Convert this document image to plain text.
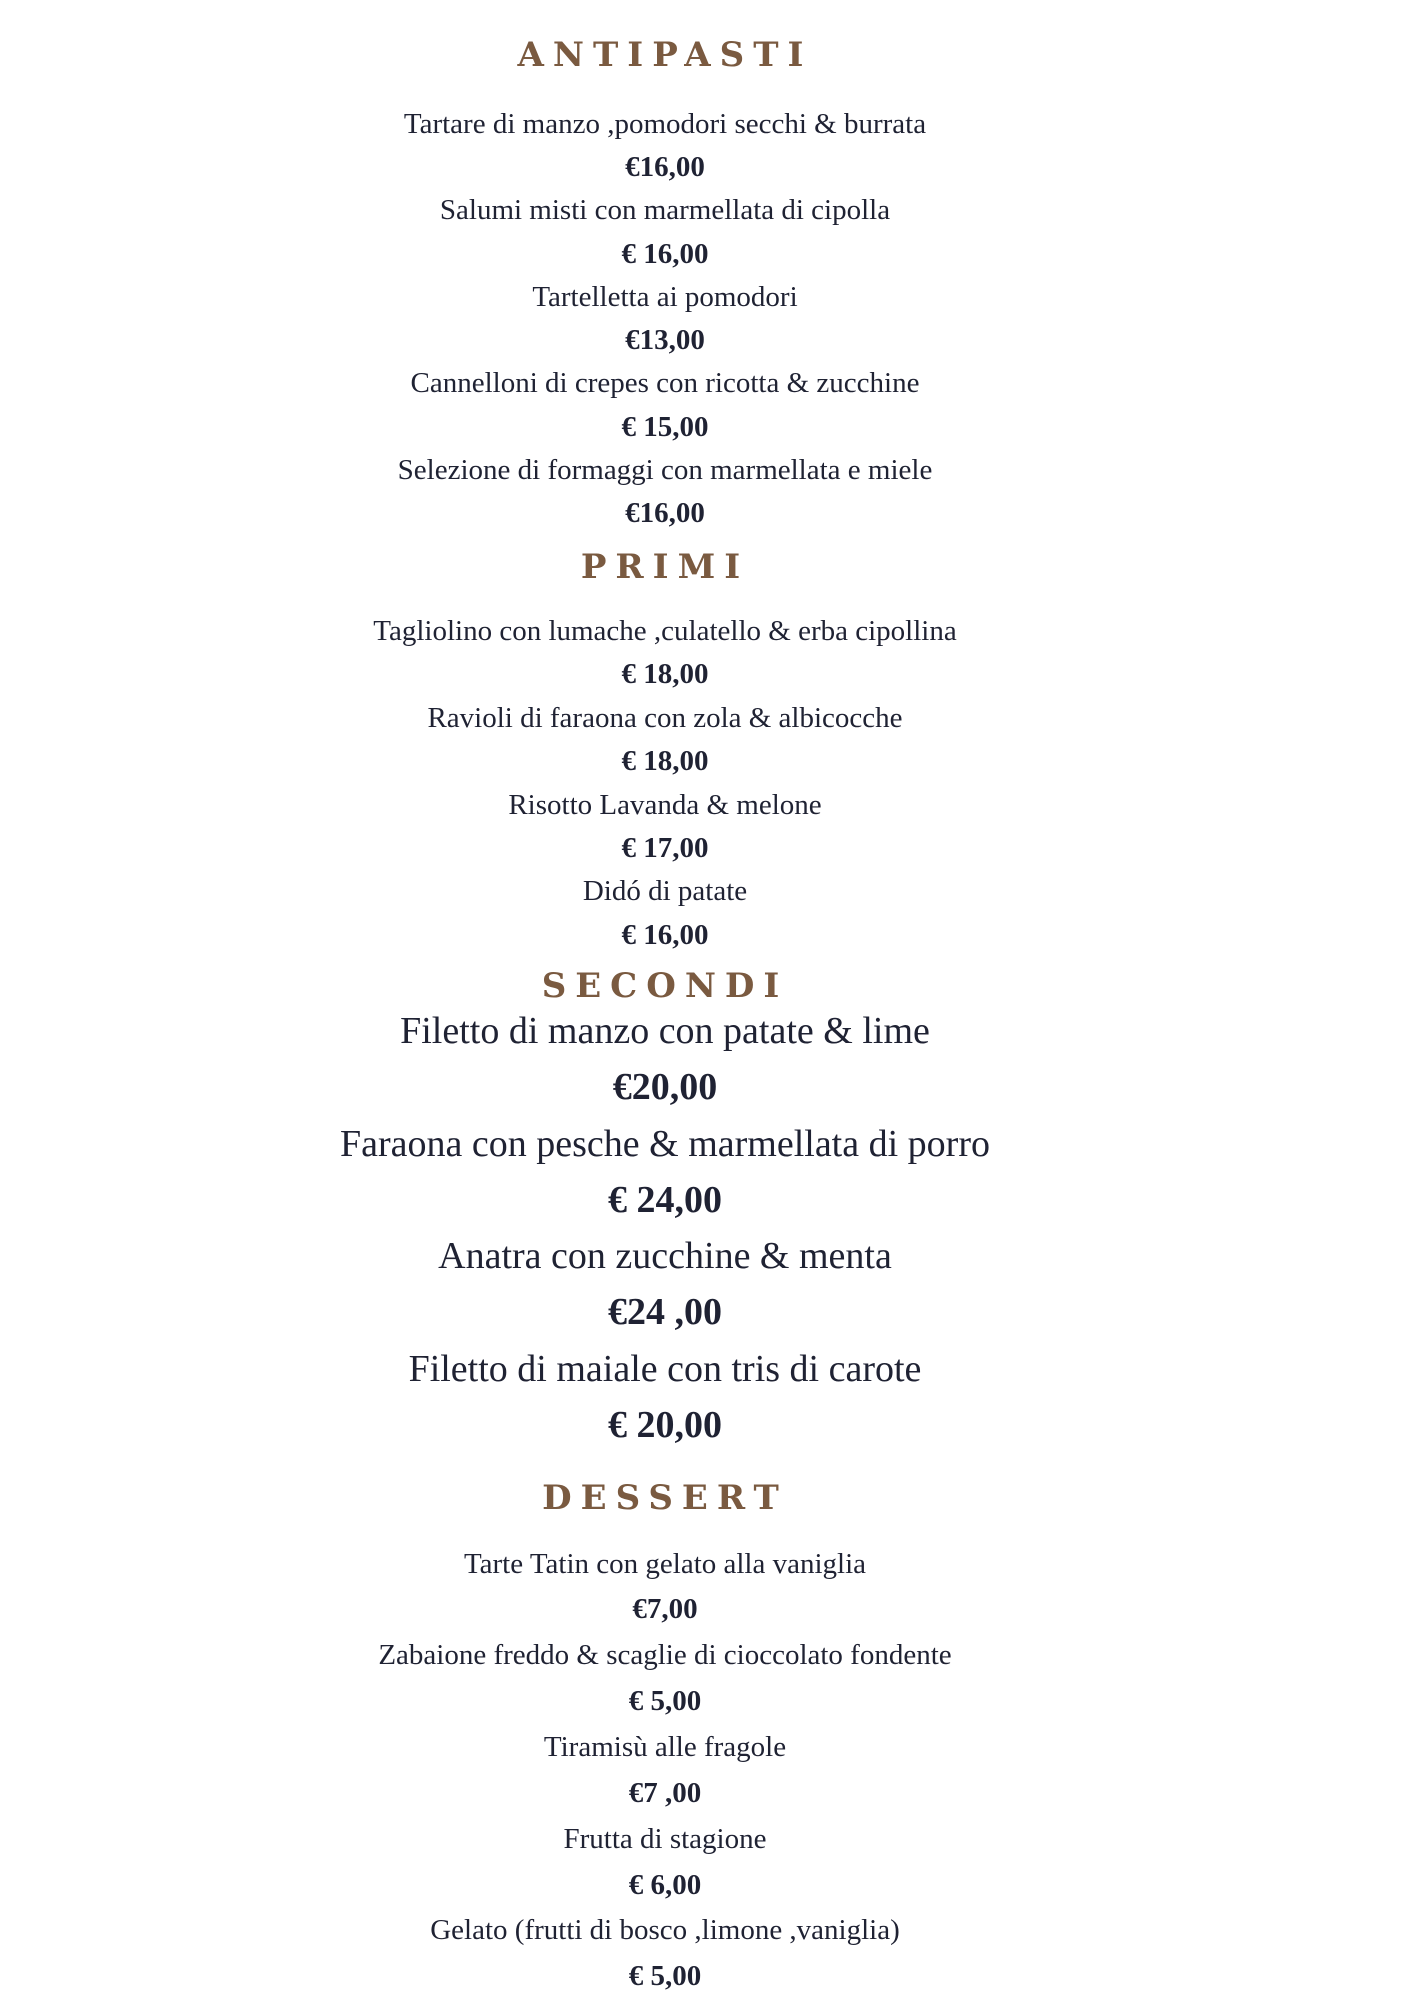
ANTIPASTI
Tartare di manzo ,pomodori secchi & burrata
€16,00
Salumi misti con marmellata di cipolla
€ 16,00
Tartelletta ai pomodori
€13,00
Cannelloni di crepes con ricotta & zucchine
€ 15,00
Selezione di formaggi con marmellata e miele
€16,00
PRIMI
Tagliolino con lumache ,culatello & erba cipollina
€ 18,00
Ravioli di faraona con zola & albicocche
€ 18,00
Risotto Lavanda & melone
€ 17,00
Didó di patate
€ 16,00
SECONDI
Filetto di manzo con patate & lime
€20,00
Faraona con pesche & marmellata di porro
€ 24,00
Anatra con zucchine & menta
€24 ,00
Filetto di maiale con tris di carote
€ 20,00
DESSERT
Tarte Tatin con gelato alla vaniglia
€7,00
Zabaione freddo & scaglie di cioccolato fondente
€ 5,00
Tiramisù alle fragole
€7 ,00
Frutta di stagione
€ 6,00
Gelato (frutti di bosco ,limone ,vaniglia)
€ 5,00
